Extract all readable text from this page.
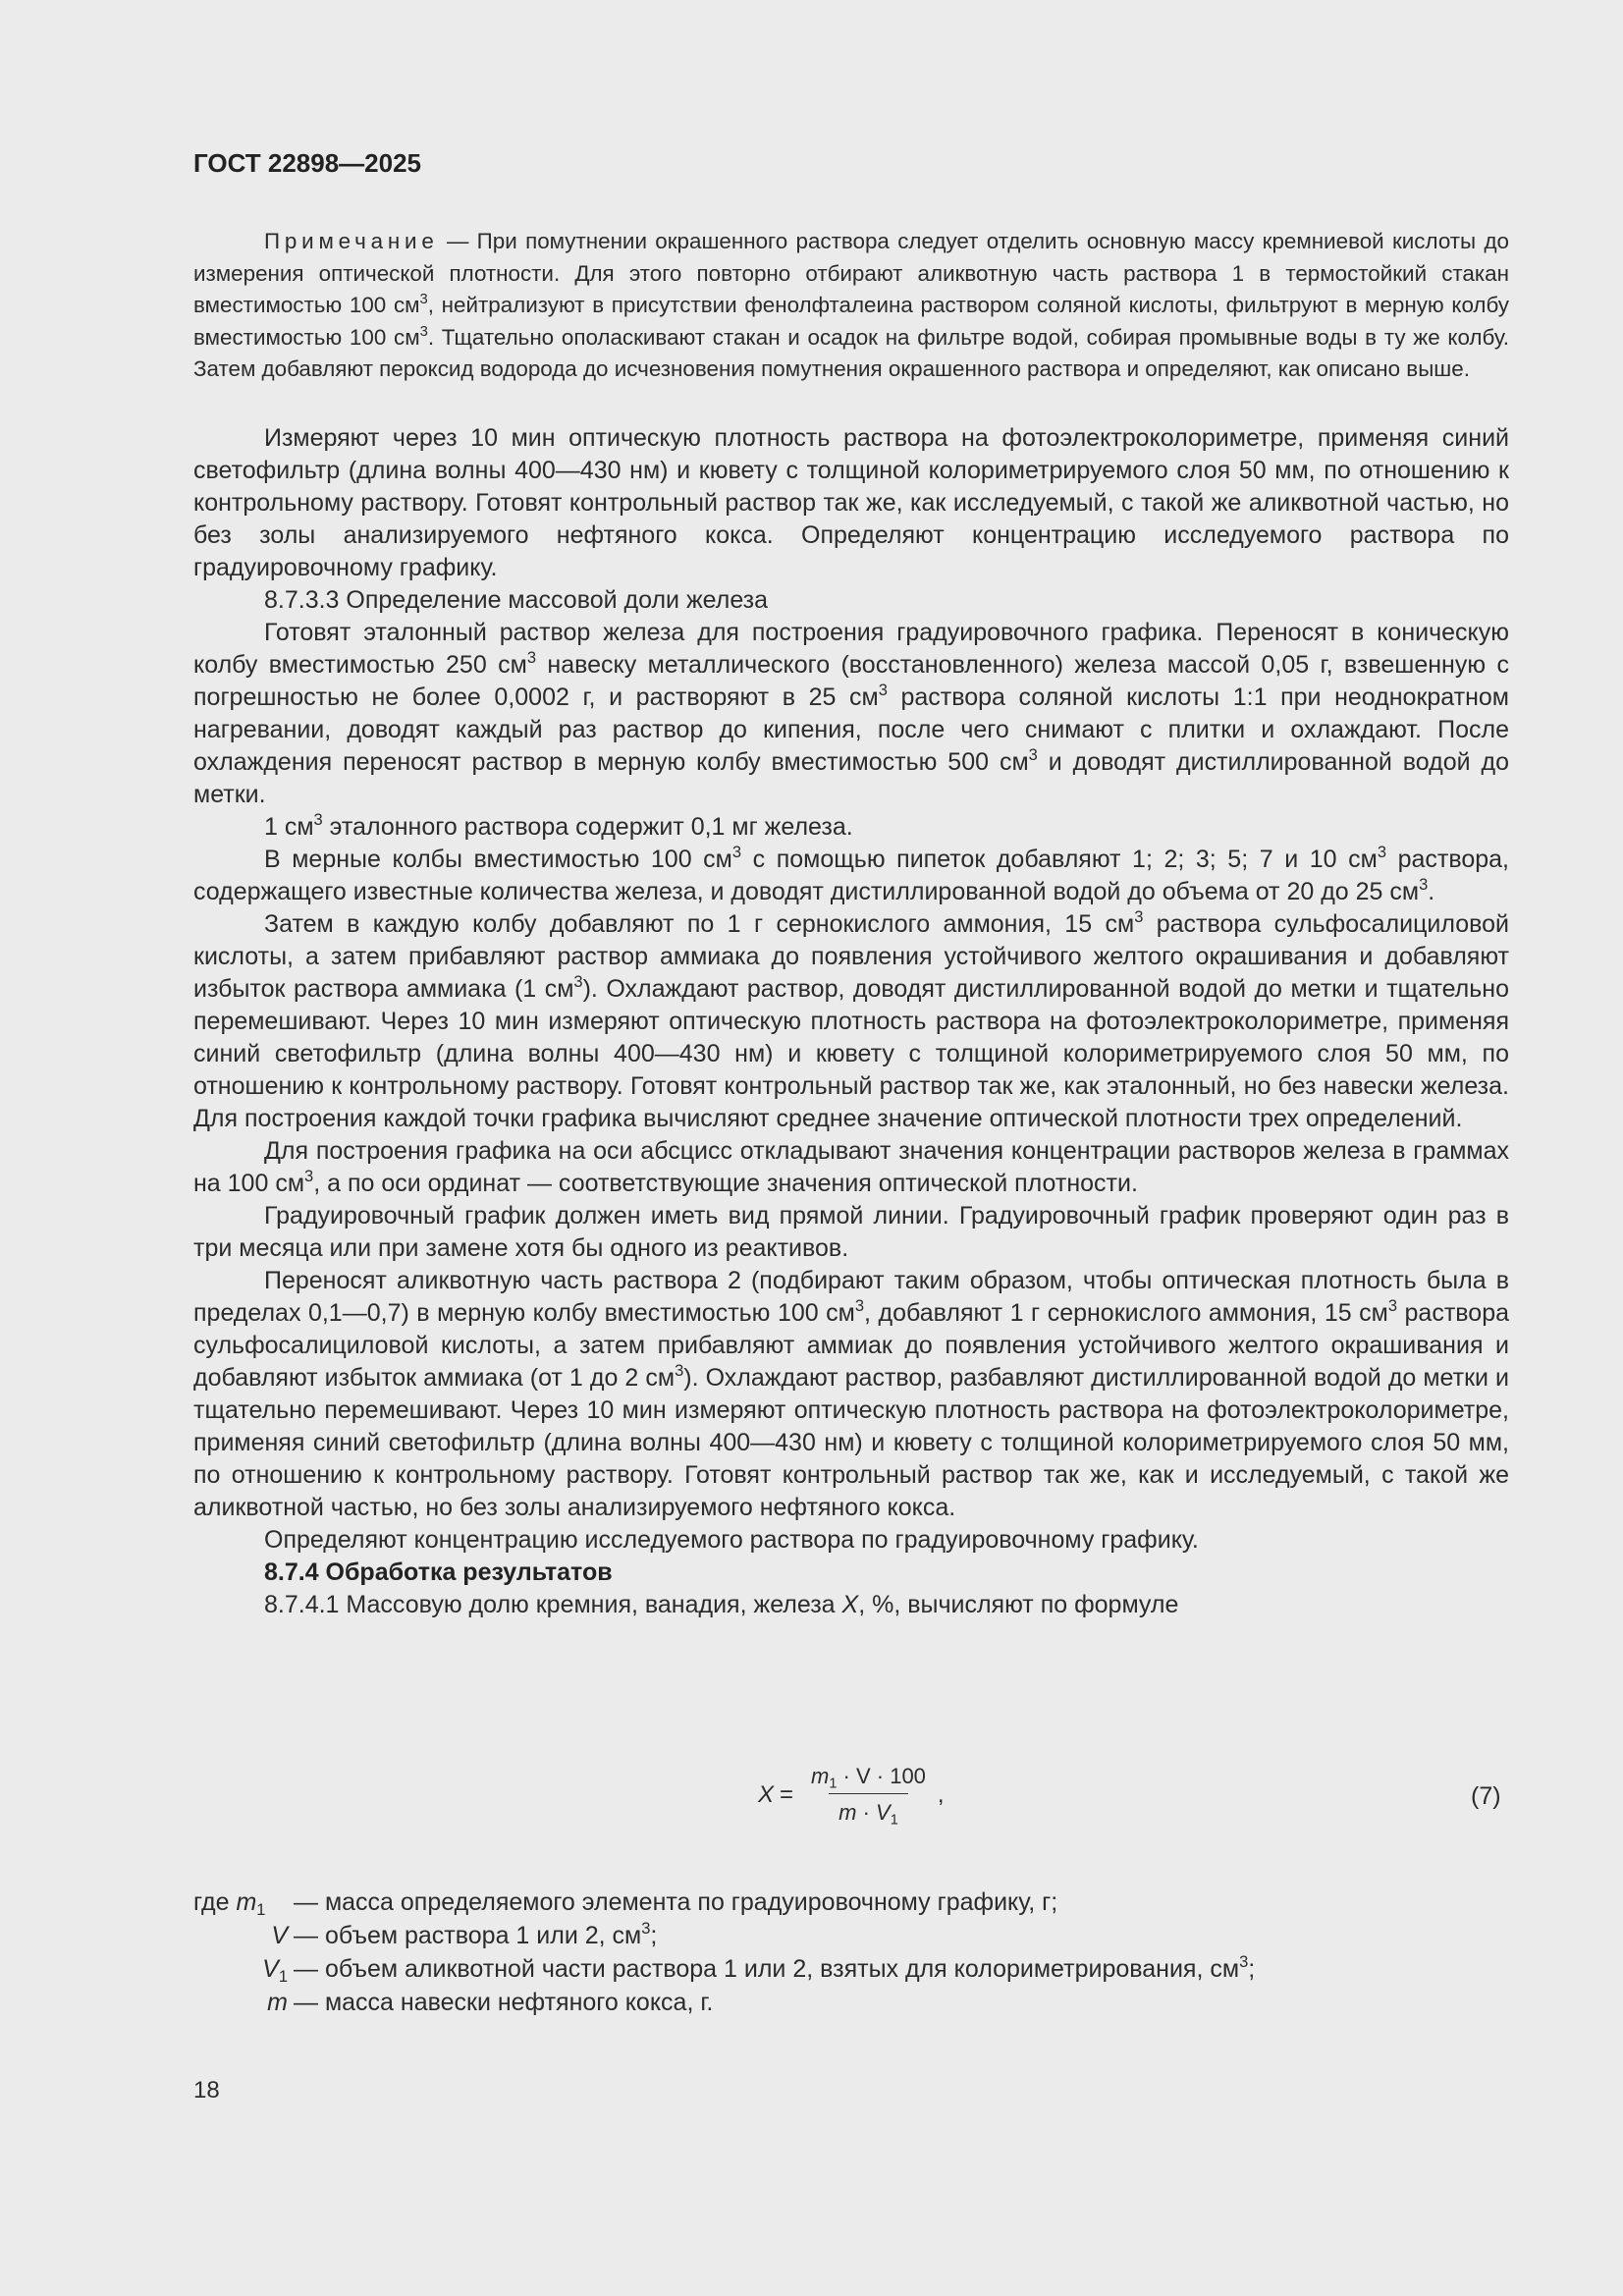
ГОСТ 22898—2025

Примечание — При помутнении окрашенного раствора следует отделить основную массу кремниевой кислоты до измерения оптической плотности. Для этого повторно отбирают аликвотную часть раствора 1 в термостойкий стакан вместимостью 100 $см^3$, нейтрализуют в присутствии фенолфталеина раствором соляной кислоты, фильтруют в мерную колбу вместимостью 100 $см^3$. Тщательно ополаскивают стакан и осадок на фильтре водой, собирая промывные воды в ту же колбу. Затем добавляют пероксид водорода до исчезновения помутнения окрашенного раствора и определяют, как описано выше.

Измеряют через 10 мин оптическую плотность раствора на фотоэлектроколориметре, применяя синий светофильтр (длина волны 400—430 нм) и кювету с толщиной колориметрируемого слоя 50 мм, по отношению к контрольному раствору. Готовят контрольный раствор так же, как исследуемый, с такой же аликвотной частью, но без золы анализируемого нефтяного кокса. Определяют концентрацию исследуемого раствора по градуировочному графику.

8.7.3.3 Определение массовой доли железа

Готовят эталонный раствор железа для построения градуировочного графика. Переносят в коническую колбу вместимостью 250 $см^3$ навеску металлического (восстановленного) железа массой 0,05 г, взвешенную с погрешностью не более 0,0002 г, и растворяют в 25 $см^3$ раствора соляной кислоты 1:1 при неоднократном нагревании, доводят каждый раз раствор до кипения, после чего снимают с плитки и охлаждают. После охлаждения переносят раствор в мерную колбу вместимостью 500 $см^3$ и доводят дистиллированной водой до метки.

1 $см^3$ эталонного раствора содержит 0,1 мг железа.

В мерные колбы вместимостью 100 $см^3$ с помощью пипеток добавляют 1; 2; 3; 5; 7 и 10 $см^3$ раствора, содержащего известные количества железа, и доводят дистиллированной водой до объема от 20 до 25 $см^3$.

Затем в каждую колбу добавляют по 1 г сернокислого аммония, 15 $см^3$ раствора сульфосалициловой кислоты, а затем прибавляют раствор аммиака до появления устойчивого желтого окрашивания и добавляют избыток раствора аммиака (1 $см^3$). Охлаждают раствор, доводят дистиллированной водой до метки и тщательно перемешивают. Через 10 мин измеряют оптическую плотность раствора на фотоэлектроколориметре, применяя синий светофильтр (длина волны 400—430 нм) и кювету с толщиной колориметрируемого слоя 50 мм, по отношению к контрольному раствору. Готовят контрольный раствор так же, как эталонный, но без навески железа. Для построения каждой точки графика вычисляют среднее значение оптической плотности трех определений.

Для построения графика на оси абсцисс откладывают значения концентрации растворов железа в граммах на 100 $см^3$, а по оси ординат — соответствующие значения оптической плотности.

Градуировочный график должен иметь вид прямой линии. Градуировочный график проверяют один раз в три месяца или при замене хотя бы одного из реактивов.

Переносят аликвотную часть раствора 2 (подбирают таким образом, чтобы оптическая плотность была в пределах 0,1—0,7) в мерную колбу вместимостью 100 $см^3$, добавляют 1 г сернокислого аммония, 15 $см^3$ раствора сульфосалициловой кислоты, а затем прибавляют аммиак до появления устойчивого желтого окрашивания и добавляют избыток аммиака (от 1 до 2 $см^3$). Охлаждают раствор, разбавляют дистиллированной водой до метки и тщательно перемешивают. Через 10 мин измеряют оптическую плотность раствора на фотоэлектроколориметре, применяя синий светофильтр (длина волны 400—430 нм) и кювету с толщиной колориметрируемого слоя 50 мм, по отношению к контрольному раствору. Готовят контрольный раствор так же, как и исследуемый, с такой же аликвотной частью, но без золы анализируемого нефтяного кокса.

Определяют концентрацию исследуемого раствора по градуировочному графику.

8.7.4 Обработка результатов

8.7.4.1 Массовую долю кремния, ванадия, железа X, %, вычисляют по формуле

$X = \frac{m_1 \cdot V \cdot 100}{m \cdot V_1}$ ,	(7)
где $m_1$	— масса определяемого элемента по градуировочному графику, г;
V — объем раствора 1 или 2, $см^3$;
$V_1$ — объем аликвотной части раствора 1 или 2, взятых для колориметрирования, $см^3$;
m — масса навески нефтяного кокса, г.
18
